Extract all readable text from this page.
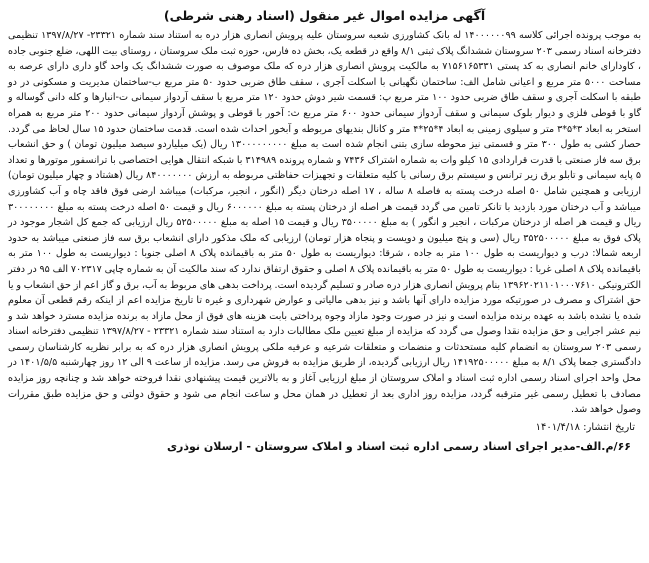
آگهی مزایده اموال غیر منقول (اسناد رهنی شرطی)

به موجب پرونده اجرائی کلاسه ۱۴۰۰۰۰۰۰۹۹ له بانک کشاورزی شعبه سروستان علیه پرویش انصاری هزار دره به استناد سند شماره ۲۳۳۲۱- ۱۳۹۷/۸/۲۷ تنظیمی دفترخانه اسناد رسمی ۲۰۳ سروستان ششدانگ پلاک ثبتی ۸/۱ واقع در قطعه یک، بخش ده فارس، حوزه ثبت ملک سروستان ، روستای بیت اللهی، ضلع جنوبی جاده ، کاودارای خانم انصاری به کد پستی ۷۱۵۶۱۶۵۳۳۱ به مالکیت پرویش انصاری هزار دره که ملک موصوف به صورت ششدانگ یک واحد گاو داری دارای عرصه به مساحت ۵۰۰۰ متر مربع و اعیانی شامل الف: ساختمان نگهبانی با اسکلت آجری ، سقف طاق ضربی حدود ۵۰ متر مربع ب-ساختمان مدیریت و مسکونی در دو طبقه با اسکلت آجری و سقف طاق ضربی حدود ۱۰۰ متر مربع پ: قسمت شیر دوش حدود ۱۲۰ متر مربع با سقف آردواز سیمانی ت-انبارها و کله دانی گوساله و گاو با قوطی فلزی و دیوار بلوک سیمانی و سقف آردواز سیمانی حدود ۶۰۰ متر مربع ث: آخور با قوطی و پوشش آردواز سیمانی حدود ۲۰۰ متر مربع به همراه استخر به ابعاد ۳*۵*۳ متر و سیلوی زمینی به ابعاد ۴*۲۵*۴ متر و کانال بندیهای مربوطه و آبخور احداث شده است. قدمت ساختمان حدود ۱۵ سال لحاظ می گردد. حصار کشی به طول ۳۰۰ متر و قسمتی نیز محوطه سازی بتنی انجام شده است به مبلغ ۱۳۰۰۰۰۰۰۰۰۰ ریال (یک میلیاردو سیصد میلیون تومان ) و حق انشعاب برق سه فاز صنعتی با قدرت قراردادی ۱۵ کیلو وات به شماره اشتراک ۷۴۳۶ و شماره پرونده ۳۱۴۹۸۹ با شبکه انتقال هوایی اختصاصی با ترانسفور موتورها و تعداد ۵ پایه سیمانی و تابلو برق زیر ترانس و سیستم برق رسانی با کلیه متعلقات و تجهیزات حفاظتی مربوطه به ارزش ۸۴۰۰۰۰۰۰۰ ریال (هشتاد و چهار میلیون تومان) ارزیابی و همچنین شامل ۵۰ اصله درخت پسته به فاصله ۸ ساله ، ۱۷ اصله درختان دیگر (انگور ، انجیر، مرکبات) میباشد ارضی فوق فاقد چاه و آب کشاورزی میباشد و آب درختان مورد بازدید با تانکر تامین می گردد قیمت هر اصله از درختان پسته به مبلغ ۶۰۰۰۰۰۰ ریال و قیمت ۵۰ اصله درخت پسته به مبلغ ۳۰۰۰۰۰۰۰۰ ریال و قیمت هر اصله از درختان مرکبات ، انجیر و انگور ) به مبلغ ۳۵۰۰۰۰۰ ریال و قیمت ۱۵ اصله به مبلغ ۵۲۵۰۰۰۰۰ ریال ارزیابی که جمع کل اشجار موجود در پلاک فوق به مبلغ ۳۵۲۵۰۰۰۰۰ ریال (سی و پنج میلیون و دویست و پنجاه هزار تومان) ارزیابی که ملک مذکور دارای انشعاب برق سه فاز صنعتی میباشد به حدود اربعه شمالا: درب و دیواریست به طول ۱۰۰ متر به جاده ، شرقا: دیواریست به طول ۵۰ متر به باقیمانده پلاک ۸ اصلی جنوبا : دیواریست به طول ۱۰۰ متر به باقیمانده پلاک ۸ اصلی غربا : دیواریست به طول ۵۰ متر به باقیمانده پلاک ۸ اصلی و حقوق ارتفاق ندارد که سند مالکیت آن به شماره چاپی ۷۰۲۳۱۷ الف ۹۵ در دفتر الکترونیکی ۱۳۹۶۲۰۲۱۱۰۱۰۰۰۷۶۱۰ بنام پرویش انصاری هزار دره صادر و تسلیم گردیده است. پرداخت بدهی های مربوط به آب، برق و گاز اعم از حق انشعاب و یا حق اشتراک و مصرف در صورتیکه مورد مزایده دارای آنها باشد و نیز بدهی مالیاتی و عوارض شهرداری و غیره تا تاریخ مزایده اعم از اینکه رقم قطعی آن معلوم شده یا نشده باشد به عهده برنده مزایده است و نیز در صورت وجود مازاد وجوه پرداختی بابت هزینه های فوق از محل مازاد به برنده مزایده مسترد خواهد شد و نیم عشر اجرایی و حق مزایده نقدا وصول می گردد که مزایده از مبلغ تعیین ملک مطالبات دارد به استناد سند شماره ۲۳۳۲۱ - ۱۳۹۷/۸/۲۷ تنظیمی دفترخانه اسناد رسمی ۲۰۳ سروستان به انضمام کلیه مستحدثات و منضمات و متعلقات شرعیه و عرفیه ملکی پرویش انصاری هزار دره که به برابر نظریه کارشناسان رسمی دادگستری جمعا پلاک ۸/۱ به مبلغ ۱۴۱۹۲۵۰۰۰۰۰ ریال ارزیابی گردیده، از طریق مزایده به فروش می رسد. مزایده از ساعت ۹ الی ۱۲ روز چهارشنبه ۱۴۰۱/۵/۵ در محل واحد اجرای اسناد رسمی اداره ثبت اسناد و املاک سروستان از مبلغ ارزیابی آغاز و به بالاترین قیمت پیشنهادی نقدا فروخته خواهد شد و چنانچه روز مزایده مصادف با تعطیل رسمی غیر مترقبه گردد، مزایده روز اداری بعد از تعطیل در همان محل و ساعت انجام می شود و حقوق دولتی و حق مزایده طبق مقررات وصول خواهد شد.

تاریخ انتشار: ۱۴۰۱/۴/۱۸
۶۶/م.الف-مدیر اجرای اسناد رسمی اداره ثبت اسناد و املاک سروستان - ارسلان نوذری
